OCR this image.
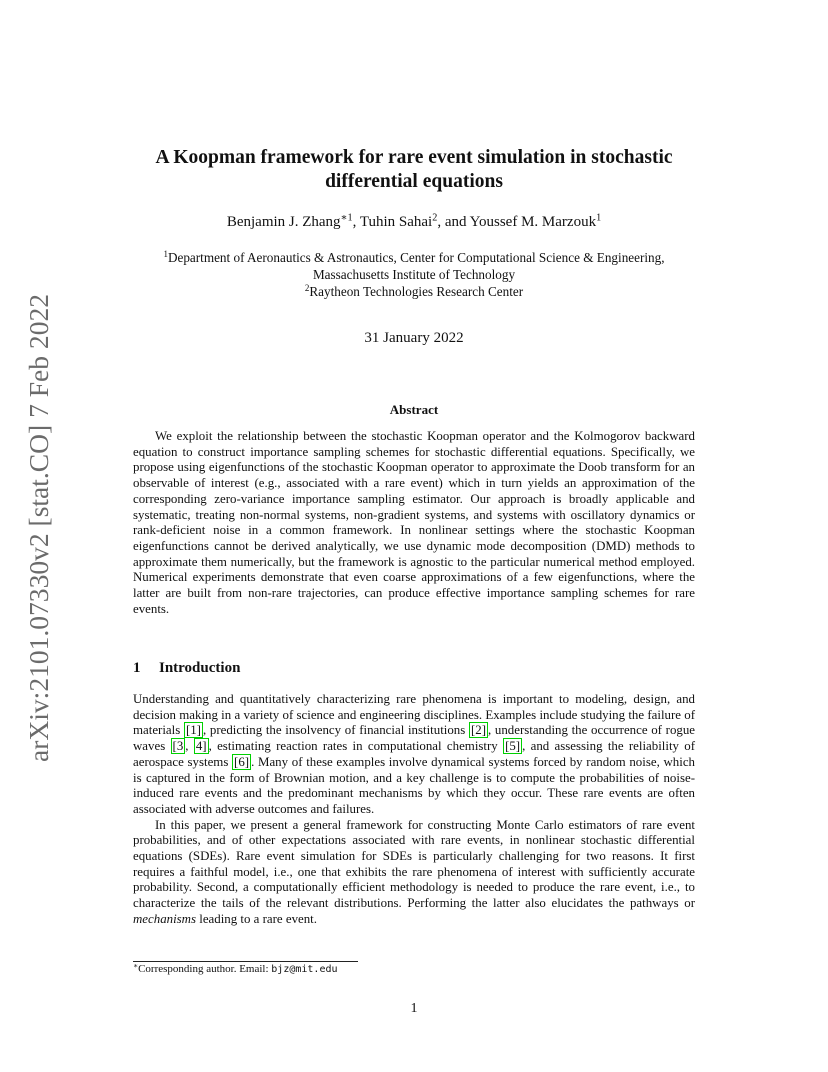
arXiv:2101.07330v2 [stat.CO] 7 Feb 2022
A Koopman framework for rare event simulation in stochastic
differential equations
Benjamin J. Zhang$^{∗1}$, Tuhin Sahai$^2$, and Youssef M. Marzouk$^1$
$^1$Department of Aeronautics & Astronautics, Center for Computational Science & Engineering,
Massachusetts Institute of Technology
$^2$Raytheon Technologies Research Center
31 January 2022
Abstract

We exploit the relationship between the stochastic Koopman operator and the Kolmogorov backward equation to construct importance sampling schemes for stochastic differential equations. Specifically, we propose using eigenfunctions of the stochastic Koopman operator to approximate the Doob transform for an observable of interest (e.g., associated with a rare event) which in turn yields an approximation of the corresponding zero-variance importance sampling estimator. Our approach is broadly applicable and systematic, treating non-normal systems, non-gradient systems, and systems with oscillatory dynamics or rank-deficient noise in a common framework. In nonlinear settings where the stochastic Koopman eigenfunctions cannot be derived analytically, we use dynamic mode decomposition (DMD) methods to approximate them numerically, but the framework is agnostic to the particular numerical method employed. Numerical experiments demonstrate that even coarse approximations of a few eigenfunctions, where the latter are built from non-rare trajectories, can produce effective importance sampling schemes for rare events.

1 Introduction

Understanding and quantitatively characterizing rare phenomena is important to modeling, design, and decision making in a variety of science and engineering disciplines. Examples include studying the failure of materials [1] , predicting the insolvency of financial institutions [2] , understanding the occurrence of rogue waves [3 , 4] , estimating reaction rates in computational chemistry [5] , and assessing the reliability of aerospace systems [6] . Many of these examples involve dynamical systems forced by random noise, which is captured in the form of Brownian motion, and a key challenge is to compute the probabilities of noise-induced rare events and the predominant mechanisms by which they occur. These rare events are often associated with adverse outcomes and failures.

In this paper, we present a general framework for constructing Monte Carlo estimators of rare event probabilities, and of other expectations associated with rare events, in nonlinear stochastic differential equations (SDEs). Rare event simulation for SDEs is particularly challenging for two reasons. It first requires a faithful model, i.e., one that exhibits the rare phenomena of interest with sufficiently accurate probability. Second, a computationally efficient methodology is needed to produce the rare event, i.e., to characterize the tails of the relevant distributions. Performing the latter also elucidates the pathways or mechanisms leading to a rare event.

∗Corresponding author. Email: bjz@mit.edu
1
